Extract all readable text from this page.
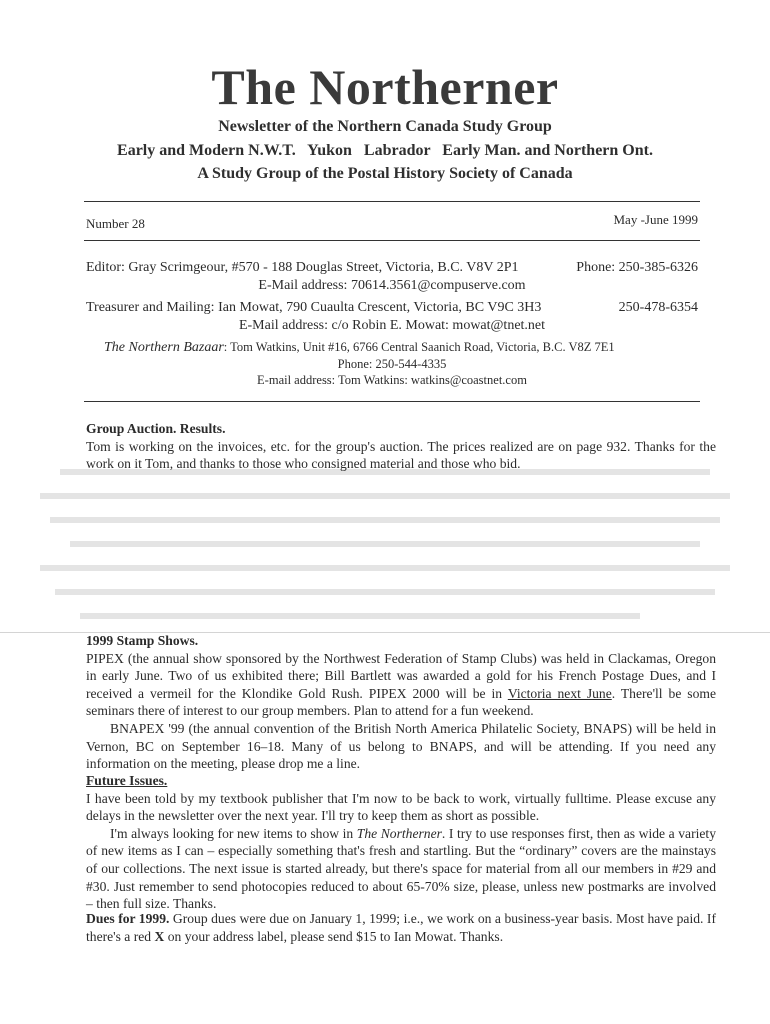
The Northerner
Newsletter of the Northern Canada Study Group
Early and Modern N.W.T.   Yukon   Labrador   Early Man. and Northern Ont.
A Study Group of the Postal History Society of Canada
Number 28	May -June 1999
Editor: Gray Scrimgeour, #570 - 188 Douglas Street, Victoria, B.C. V8V 2P1	Phone: 250-385-6326
E-Mail address: 70614.3561@compuserve.com
Treasurer and Mailing: Ian Mowat, 790 Cuaulta Crescent, Victoria, BC V9C 3H3	250-478-6354
E-Mail address: c/o Robin E. Mowat: mowat@tnet.net
The Northern Bazaar: Tom Watkins, Unit #16, 6766 Central Saanich Road, Victoria, B.C. V8Z 7E1
Phone: 250-544-4335
E-mail address: Tom Watkins: watkins@coastnet.com

Group Auction. Results.

Tom is working on the invoices, etc. for the group's auction. The prices realized are on page 932. Thanks for the work on it Tom, and thanks to those who consigned material and those who bid.

1999 Stamp Shows.

PIPEX (the annual show sponsored by the Northwest Federation of Stamp Clubs) was held in Clackamas, Oregon in early June. Two of us exhibited there; Bill Bartlett was awarded a gold for his French Postage Dues, and I received a vermeil for the Klondike Gold Rush. PIPEX 2000 will be in Victoria next June. There'll be some seminars there of interest to our group members. Plan to attend for a fun weekend.

BNAPEX '99 (the annual convention of the British North America Philatelic Society, BNAPS) will be held in Vernon, BC on September 16–18. Many of us belong to BNAPS, and will be attending. If you need any information on the meeting, please drop me a line.

Future Issues.

I have been told by my textbook publisher that I'm now to be back to work, virtually fulltime. Please excuse any delays in the newsletter over the next year. I'll try to keep them as short as possible.

I'm always looking for new items to show in The Northerner. I try to use responses first, then as wide a variety of new items as I can – especially something that's fresh and startling. But the “ordinary” covers are the mainstays of our collections. The next issue is started already, but there's space for material from all our members in #29 and #30. Just remember to send photocopies reduced to about 65-70% size, please, unless new postmarks are involved – then full size. Thanks.

Dues for 1999. Group dues were due on January 1, 1999; i.e., we work on a business-year basis. Most have paid. If there's a red X on your address label, please send $15 to Ian Mowat. Thanks.
